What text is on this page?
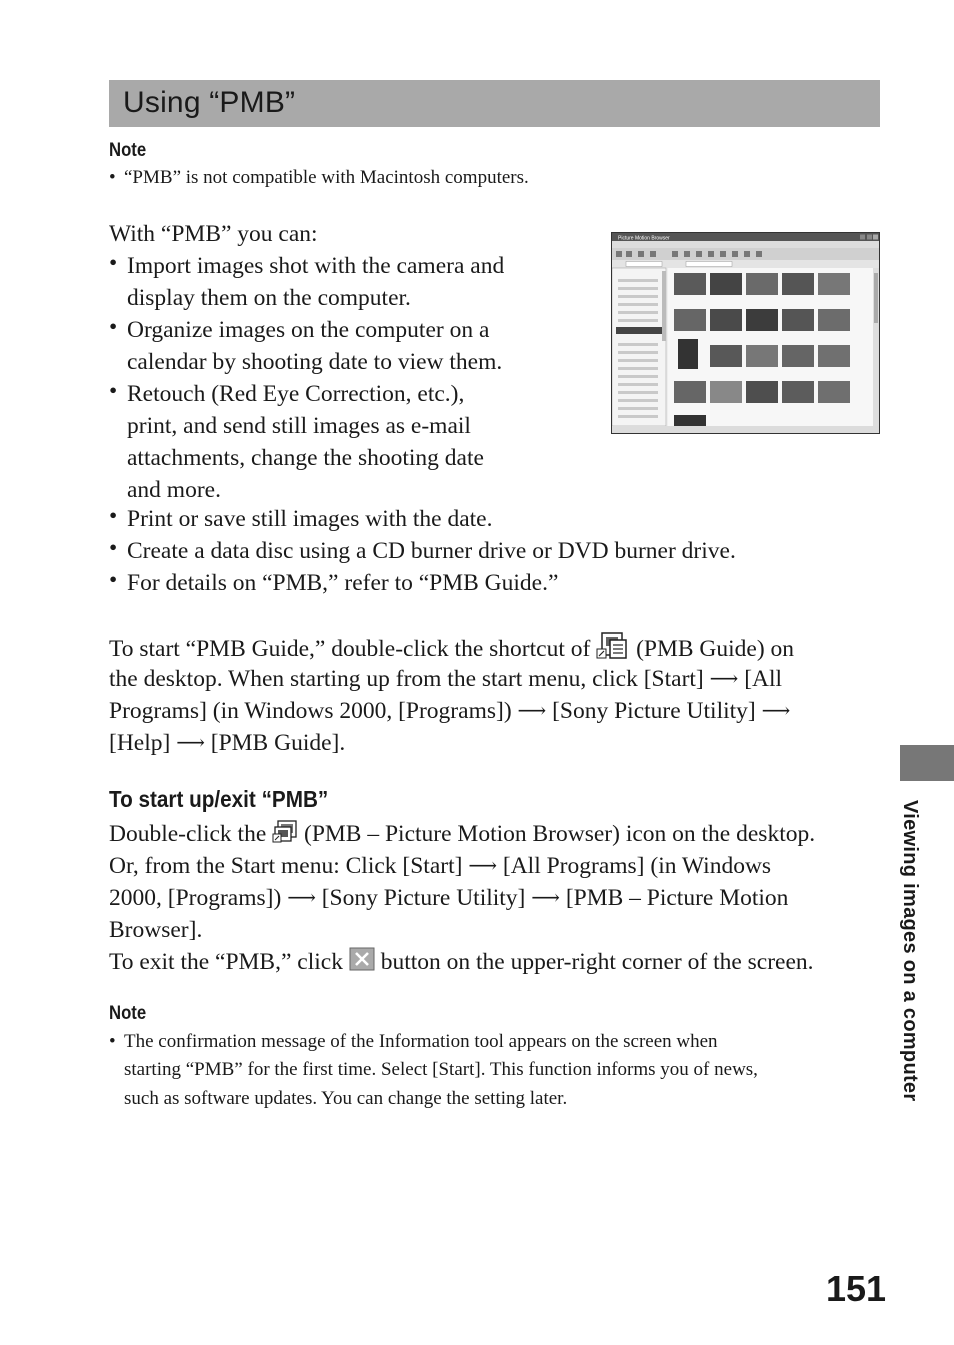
Using “PMB”
Note
• “PMB” is not compatible with Macintosh computers.
With “PMB” you can:
• Import images shot with the camera and
display them on the computer.
• Organize images on the computer on a
calendar by shooting date to view them.
• Retouch (Red Eye Correction, etc.),
print, and send still images as e-mail
attachments, change the shooting date
and more.
• Print or save still images with the date.
• Create a data disc using a CD burner drive or DVD burner drive.
• For details on “PMB,” refer to “PMB Guide.”
Picture Motion Browser
To start “PMB Guide,” double-click the shortcut of (PMB Guide) on
the desktop. When starting up from the start menu, click [Start] ⟶ [All
Programs] (in Windows 2000, [Programs]) ⟶ [Sony Picture Utility] ⟶
[Help] ⟶ [PMB Guide].
To start up/exit “PMB”
Double-click the (PMB – Picture Motion Browser) icon on the desktop.
Or, from the Start menu: Click [Start] ⟶ [All Programs] (in Windows
2000, [Programs]) ⟶ [Sony Picture Utility] ⟶ [PMB – Picture Motion
Browser].
To exit the “PMB,” click button on the upper-right corner of the screen.
Note
• The confirmation message of the Information tool appears on the screen when
starting “PMB” for the first time. Select [Start]. This function informs you of news,
such as software updates. You can change the setting later.	Viewing images on a computer
151
